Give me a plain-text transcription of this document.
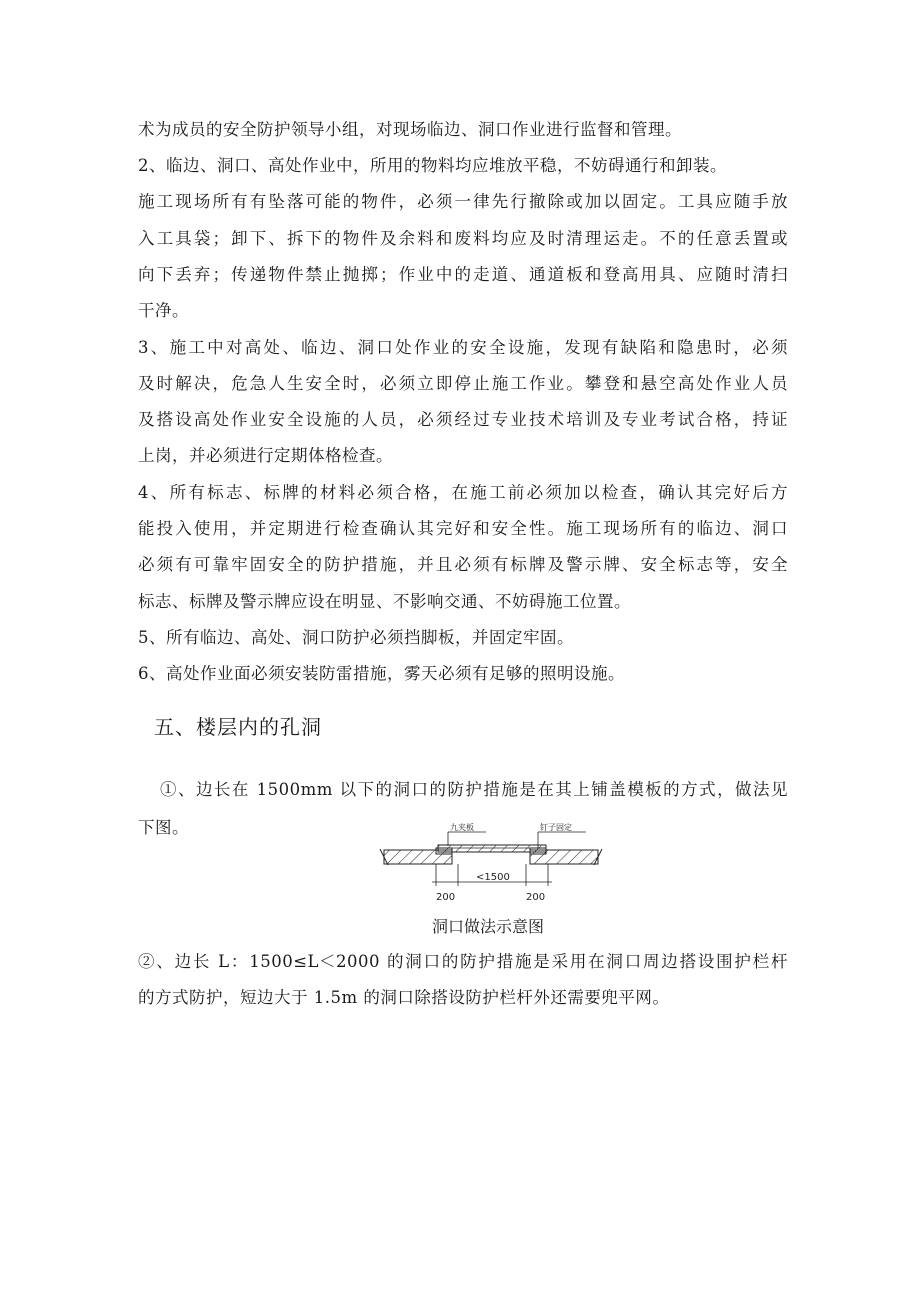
术为成员的安全防护领导小组，对现场临边、洞口作业进行监督和管理。
2、临边、洞口、高处作业中，所用的物料均应堆放平稳，不妨碍通行和卸装。
施工现场所有有坠落可能的物件，必须一律先行撤除或加以固定。工具应随手放
入工具袋；卸下、拆下的物件及余料和废料均应及时清理运走。不的任意丢置或
向下丢弃；传递物件禁止抛掷；作业中的走道、通道板和登高用具、应随时清扫
干净。
3、施工中对高处、临边、洞口处作业的安全设施，发现有缺陷和隐患时，必须
及时解决，危急人生安全时，必须立即停止施工作业。攀登和悬空高处作业人员
及搭设高处作业安全设施的人员，必须经过专业技术培训及专业考试合格，持证
上岗，并必须进行定期体格检查。
4、所有标志、标牌的材料必须合格，在施工前必须加以检查，确认其完好后方
能投入使用，并定期进行检查确认其完好和安全性。施工现场所有的临边、洞口
必须有可靠牢固安全的防护措施，并且必须有标牌及警示牌、安全标志等，安全
标志、标牌及警示牌应设在明显、不影响交通、不妨碍施工位置。
5、所有临边、高处、洞口防护必须挡脚板，并固定牢固。
6、高处作业面必须安装防雷措施，雾天必须有足够的照明设施。
五、楼层内的孔洞
①、边长在 1500mm 以下的洞口的防护措施是在其上铺盖模板的方式，做法见
下图。	九夹板	钉子固定
<1500
200	200
洞口做法示意图
②、边长 L：1500≤L＜2000 的洞口的防护措施是采用在洞口周边搭设围护栏杆
的方式防护，短边大于 1.5m 的洞口除搭设防护栏杆外还需要兜平网。
